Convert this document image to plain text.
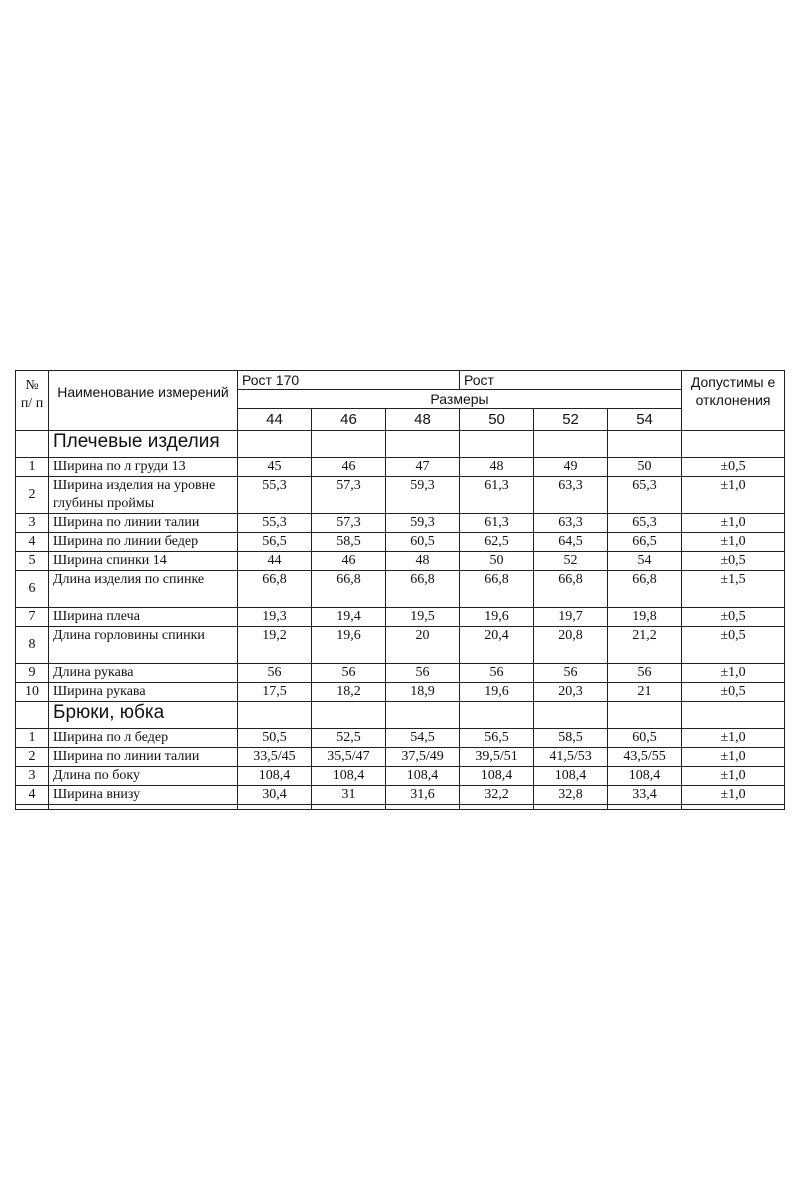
№ п/ п	Наименование измерений	Рост 170			Рост			Допустимы е отклонения
		Размеры						
		44	46	48	50	52	54	
	Плечевые изделия							
1	Ширина по л груди 13	45	46	47	48	49	50	±0,5
2	Ширина изделия на уровне глубины проймы	55,3	57,3	59,3	61,3	63,3	65,3	±1,0
3	Ширина по линии талии	55,3	57,3	59,3	61,3	63,3	65,3	±1,0
4	Ширина по линии бедер	56,5	58,5	60,5	62,5	64,5	66,5	±1,0
5	Ширина спинки 14	44	46	48	50	52	54	±0,5
6	Длина изделия по спинке	66,8	66,8	66,8	66,8	66,8	66,8	±1,5
7	Ширина плеча	19,3	19,4	19,5	19,6	19,7	19,8	±0,5
8	Длина горловины спинки	19,2	19,6	20	20,4	20,8	21,2	±0,5
9	Длина рукава	56	56	56	56	56	56	±1,0
10	Ширина рукава	17,5	18,2	18,9	19,6	20,3	21	±0,5
	Брюки, юбка							
1	Ширина по л бедер	50,5	52,5	54,5	56,5	58,5	60,5	±1,0
2	Ширина по линии талии	33,5/45	35,5/47	37,5/49	39,5/51	41,5/53	43,5/55	±1,0
3	Длина по боку	108,4	108,4	108,4	108,4	108,4	108,4	±1,0
4	Ширина внизу	30,4	31	31,6	32,2	32,8	33,4	±1,0
